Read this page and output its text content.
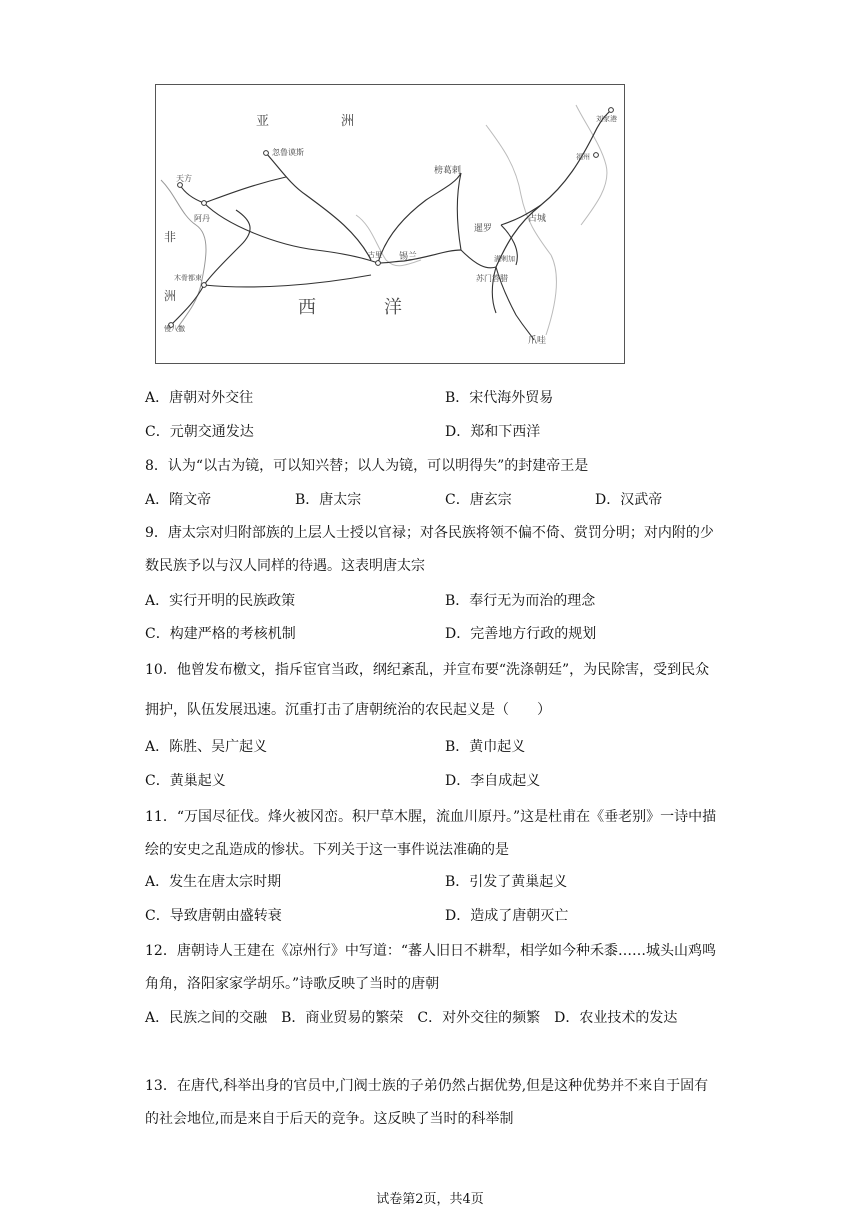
亚	洲
忽鲁谟斯
榜葛剌
天方
阿丹
非
洲
木骨都束
慢八撒
古里 锡兰
暹罗
占城
苏门答腊
满剌加
爪哇
西	洋
刘家港
福州
A．唐朝对外交往	B．宋代海外贸易
C．元朝交通发达	D．郑和下西洋
8．认为“以古为镜，可以知兴替；以人为镜，可以明得失”的封建帝王是
A．隋文帝	B．唐太宗	C．唐玄宗	D．汉武帝
9．唐太宗对归附部族的上层人士授以官禄；对各民族将领不偏不倚、赏罚分明；对内附的少数民族予以与汉人同样的待遇。这表明唐太宗
A．实行开明的民族政策	B．奉行无为而治的理念
C．构建严格的考核机制	D．完善地方行政的规划
10．他曾发布檄文，指斥宦官当政，纲纪紊乱，并宣布要“洗涤朝廷”，为民除害，受到民众拥护，队伍发展迅速。沉重打击了唐朝统治的农民起义是（　　）
A．陈胜、吴广起义	B．黄巾起义
C．黄巢起义	D．李自成起义
11．“万国尽征伐。烽火被冈峦。积尸草木腥，流血川原丹。”这是杜甫在《垂老别》一诗中描绘的安史之乱造成的惨状。下列关于这一事件说法准确的是
A．发生在唐太宗时期	B．引发了黄巢起义
C．导致唐朝由盛转衰	D．造成了唐朝灭亡
12．唐朝诗人王建在《凉州行》中写道：“蕃人旧日不耕犁，相学如今种禾黍……城头山鸡鸣角角，洛阳家家学胡乐。”诗歌反映了当时的唐朝
A．民族之间的交融　B．商业贸易的繁荣　C．对外交往的频繁　D．农业技术的发达
13．在唐代,科举出身的官员中,门阀士族的子弟仍然占据优势,但是这种优势并不来自于固有的社会地位,而是来自于后天的竞争。这反映了当时的科举制
试卷第2页，共4页
